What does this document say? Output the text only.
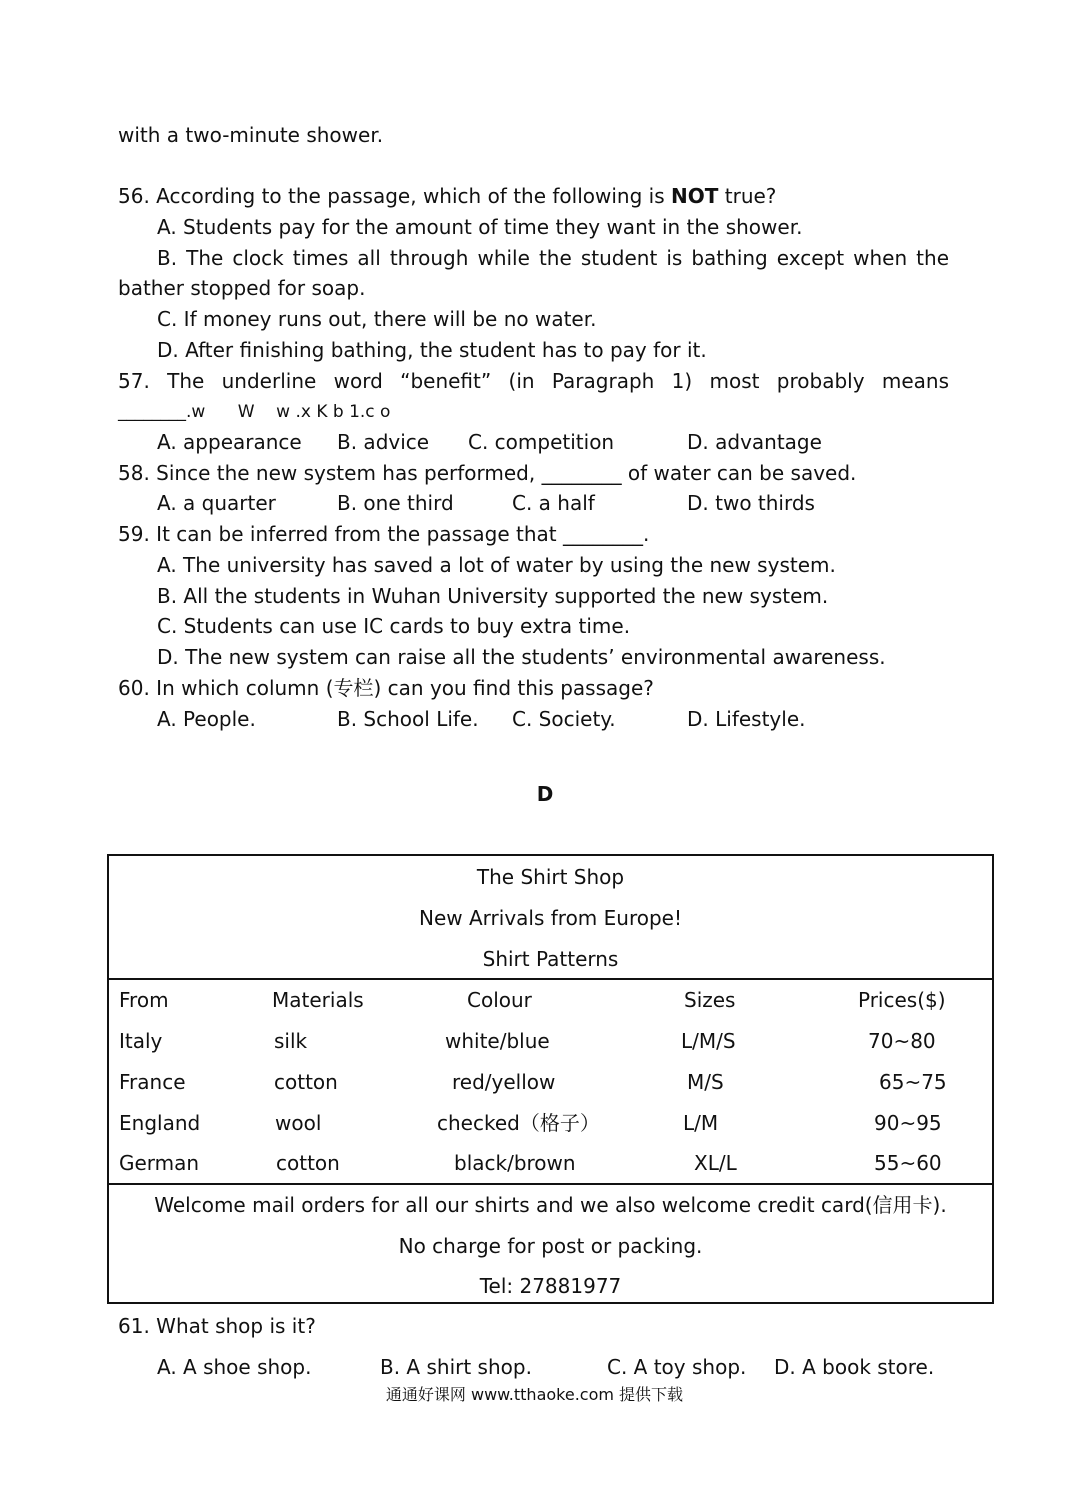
with a two-minute shower.
56. According to the passage, which of the following is NOT true?
A. Students pay for the amount of time they want in the shower.
B. The clock times all through while the student is bathing except when the
bather stopped for soap.
C. If money runs out, there will be no water.
D. After finishing bathing, the student has to pay for it.
57. The underline word “benefit” (in Paragraph 1) most probably means
________.w      W    w .x K b 1.c o
A. appearance B. advice C. competition	D. advantage
58. Since the new system has performed, ________ of water can be saved.
A. a quarter	B. one third	C. a half	D. two thirds
59. It can be inferred from the passage that ________.
A. The university has saved a lot of water by using the new system.
B. All the students in Wuhan University supported the new system.
C. Students can use IC cards to buy extra time.
D. The new system can raise all the students’ environmental awareness.
60. In which column (专栏) can you find this passage?
A. People.	B. School Life. C. Society.	D. Lifestyle.
D
The Shirt Shop
New Arrivals from Europe!
Shirt Patterns
From	Materials	Colour	Sizes	Prices($)
Italy	silk	white/blue	L/M/S	70~80
France	cotton	red/yellow	M/S	65~75
England	wool	checked（格子）	L/M	90~95
German	cotton	black/brown	XL/L	55~60
Welcome mail orders for all our shirts and we also welcome credit card(信用卡).
No charge for post or packing.
Tel: 27881977
61. What shop is it?
A. A shoe shop.	B. A shirt shop.	C. A toy shop. D. A book store.
通通好课网 www.tthaoke.com 提供下载
